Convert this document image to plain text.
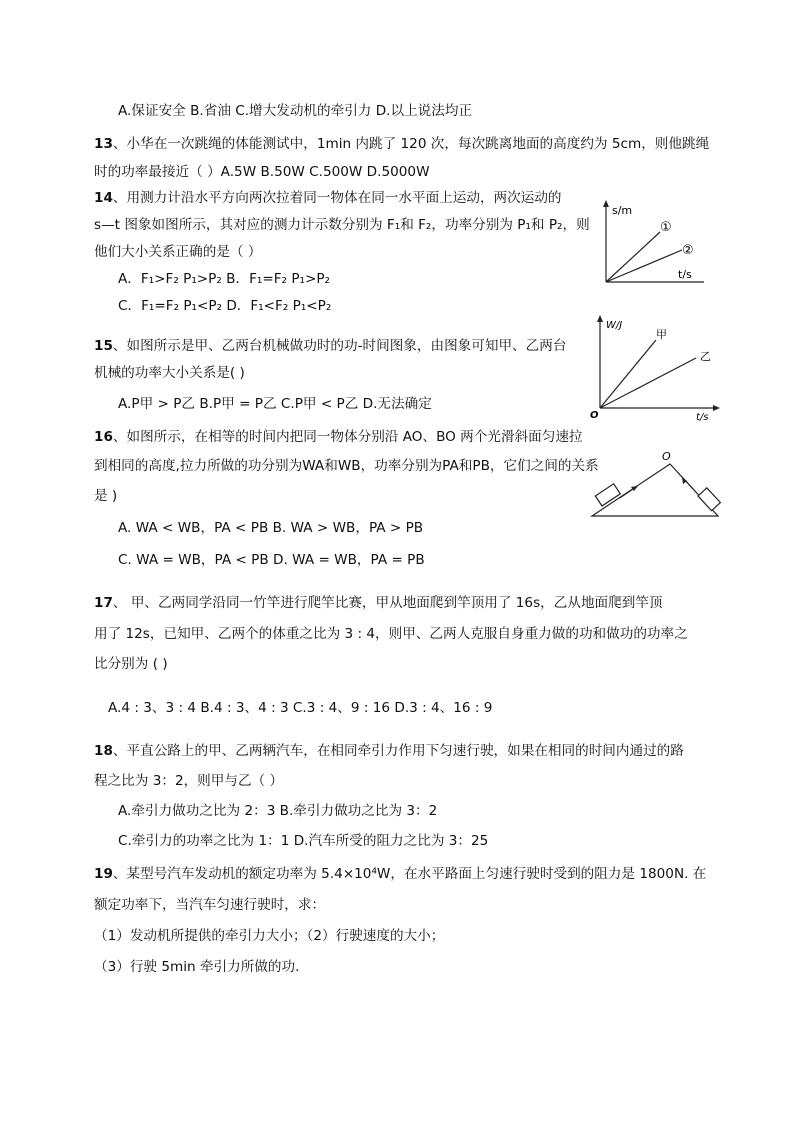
A.保证安全 B.省油 C.增大发动机的牵引力 D.以上说法均正
13、小华在一次跳绳的体能测试中，1min 内跳了 120 次，每次跳离地面的高度约为 5cm，则他跳绳
时的功率最接近（ ）A.5W B.50W C.500W D.5000W
14、用测力计沿水平方向两次拉着同一物体在同一水平面上运动，两次运动的
s—t 图象如图所示，其对应的测力计示数分别为 F₁和 F₂，功率分别为 P₁和 P₂，则
他们大小关系正确的是（ ）
A．F₁>F₂ P₁>P₂ B．F₁=F₂ P₁>P₂
C．F₁=F₂ P₁<P₂ D．F₁<F₂ P₁<P₂
s/m
①
②
t/s
15、如图所示是甲、乙两台机械做功时的功-时间图象，由图象可知甲、乙两台
机械的功率大小关系是( )
A.P甲 > P乙 B.P甲 = P乙 C.P甲 < P乙 D.无法确定
W/J
甲
乙
O	t/s
16、如图所示，在相等的时间内把同一物体分别沿 AO、BO 两个光滑斜面匀速拉
到相同的高度,拉力所做的功分别为WA和WB，功率分别为PA和PB，它们之间的关系
是 )
A. WA < WB，PA < PB B. WA > WB，PA > PB
C. WA = WB，PA < PB D. WA = WB，PA = PB
O
17、 甲、乙两同学沿同一竹竿进行爬竿比赛，甲从地面爬到竿顶用了 16s，乙从地面爬到竿顶
用了 12s，已知甲、乙两个的体重之比为 3 : 4，则甲、乙两人克服自身重力做的功和做功的功率之
比分别为 ( )
A.4 : 3、3 : 4 B.4 : 3、4 : 3 C.3 : 4、9 : 16 D.3 : 4、16 : 9
18、平直公路上的甲、乙两辆汽车，在相同牵引力作用下匀速行驶，如果在相同的时间内通过的路
程之比为 3：2，则甲与乙（ ）
A.牵引力做功之比为 2：3 B.牵引力做功之比为 3：2
C.牵引力的功率之比为 1：1 D.汽车所受的阻力之比为 3：25
19、某型号汽车发动机的额定功率为 5.4×10⁴W，在水平路面上匀速行驶时受到的阻力是 1800N. 在
额定功率下，当汽车匀速行驶时，求：
（1）发动机所提供的牵引力大小；（2）行驶速度的大小；
（3）行驶 5min 牵引力所做的功.
